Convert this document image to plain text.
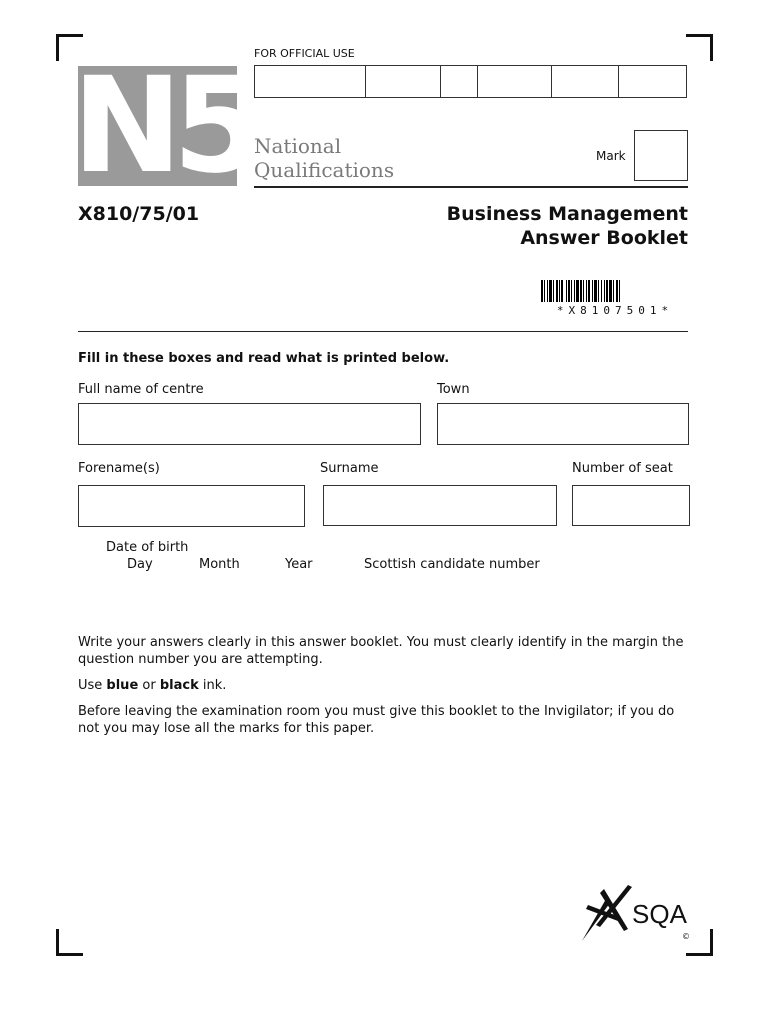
FOR OFFICIAL USE
N5 National
Qualifications
Mark
X810/75/01	Business Management
Answer Booklet
*X8107501*
Fill in these boxes and read what is printed below.
Full name of centre	Town
Forename(s)	Surname	Number of seat
Date of birth
Day	Month	Year	Scottish candidate number
Write your answers clearly in this answer booklet. You must clearly identify in the margin the question number you are attempting.
Use blue or black ink.
Before leaving the examination room you must give this booklet to the Invigilator; if you do not you may lose all the marks for this paper.
SQA
©
